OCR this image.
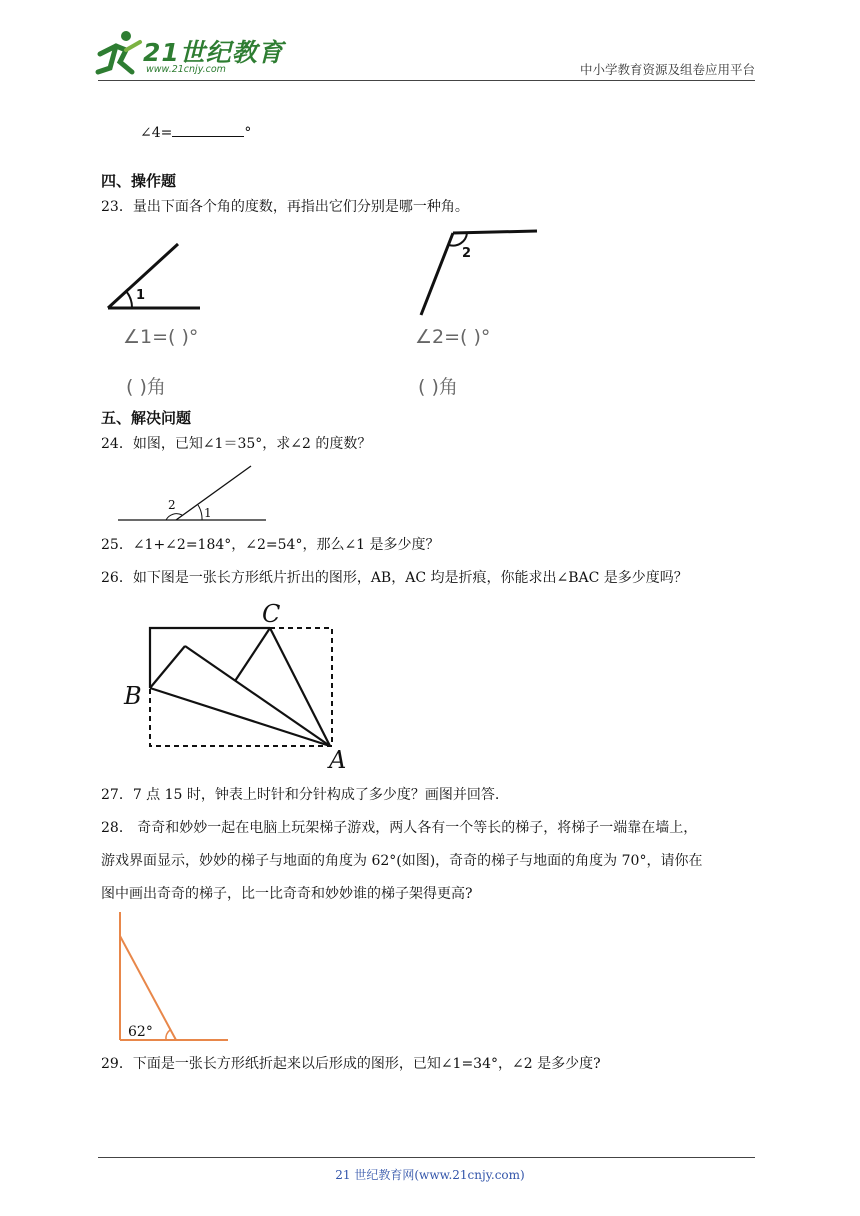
21世纪教育
www.21cnjy.com	中小学教育资源及组卷应用平台
∠4=	°
四、操作题
23．量出下面各个角的度数，再指出它们分别是哪一种角。
1
∠1=( )°
( )角
2
∠2=( )°
( )角
五、解决问题
24．如图，已知∠1＝35°，求∠2 的度数？
1
2
25．∠1+∠2=184°，∠2=54°，那么∠1 是多少度？
26．如下图是一张长方形纸片折出的图形，AB，AC 均是折痕，你能求出∠BAC 是多少度吗？
C
B
A
27．7 点 15 时，钟表上时针和分针构成了多少度？画图并回答.
28． 奇奇和妙妙一起在电脑上玩架梯子游戏，两人各有一个等长的梯子，将梯子一端靠在墙上，
游戏界面显示，妙妙的梯子与地面的角度为 62°(如图)，奇奇的梯子与地面的角度为 70°，请你在
图中画出奇奇的梯子，比一比奇奇和妙妙谁的梯子架得更高?
62°
29．下面是一张长方形纸折起来以后形成的图形，已知∠1=34°，∠2 是多少度?
21 世纪教育网(www.21cnjy.com)
